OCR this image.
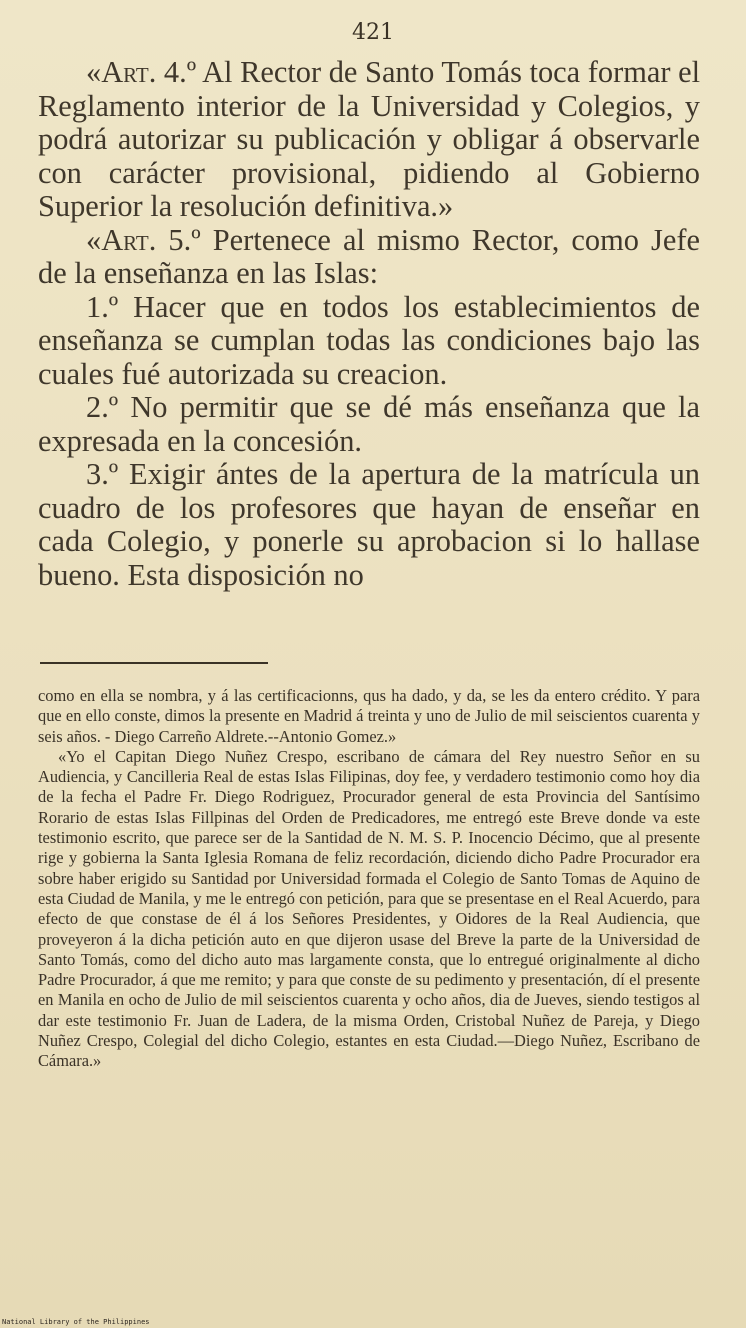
421

«Art. 4.º Al Rector de Santo Tomás toca formar el Reglamento interior de la Universidad y Colegios, y podrá autorizar su publicación y obligar á observarle con carácter provisional, pidiendo al Gobierno Superior la resolución definitiva.»

«Art. 5.º Pertenece al mismo Rector, como Jefe de la enseñanza en las Islas:

1.º Hacer que en todos los establecimientos de enseñanza se cumplan todas las condiciones bajo las cuales fué autorizada su creacion.

2.º No permitir que se dé más enseñanza que la expresada en la concesión.

3.º Exigir ántes de la apertura de la matrícula un cuadro de los profesores que hayan de enseñar en cada Colegio, y ponerle su aprobacion si lo hallase bueno. Esta disposición no

como en ella se nombra, y á las certificacionns, qus ha dado, y da, se les da entero crédito. Y para que en ello conste, dimos la presente en Madrid á treinta y uno de Julio de mil seiscientos cuarenta y seis años. - Diego Carreño Aldrete.--Antonio Gomez.»

«Yo el Capitan Diego Nuñez Crespo, escribano de cámara del Rey nuestro Señor en su Audiencia, y Cancilleria Real de estas Islas Filipinas, doy fee, y verdadero testimonio como hoy dia de la fecha el Padre Fr. Diego Rodriguez, Procurador general de esta Provincia del Santísimo Rorario de estas Islas Fillpinas del Orden de Predicadores, me entregó este Breve donde va este testimonio escrito, que parece ser de la Santidad de N. M. S. P. Inocencio Décimo, que al presente rige y gobierna la Santa Iglesia Romana de feliz recordación, diciendo dicho Padre Procurador era sobre haber erigido su Santidad por Universidad formada el Colegio de Santo Tomas de Aquino de esta Ciudad de Manila, y me le entregó con petición, para que se presentase en el Real Acuerdo, para efecto de que constase de él á los Señores Presidentes, y Oidores de la Real Audiencia, que proveyeron á la dicha petición auto en que dijeron usase del Breve la parte de la Universidad de Santo Tomás, como del dicho auto mas largamente consta, que lo entregué originalmente al dicho Padre Procurador, á que me remito; y para que conste de su pedimento y presentación, dí el presente en Manila en ocho de Julio de mil seiscientos cuarenta y ocho años, dia de Jueves, siendo testigos al dar este testimonio Fr. Juan de Ladera, de la misma Orden, Cristobal Nuñez de Pareja, y Diego Nuñez Crespo, Colegial del dicho Colegio, estantes en esta Ciudad.—Diego Nuñez, Escribano de Cámara.»

National Library of the Philippines
